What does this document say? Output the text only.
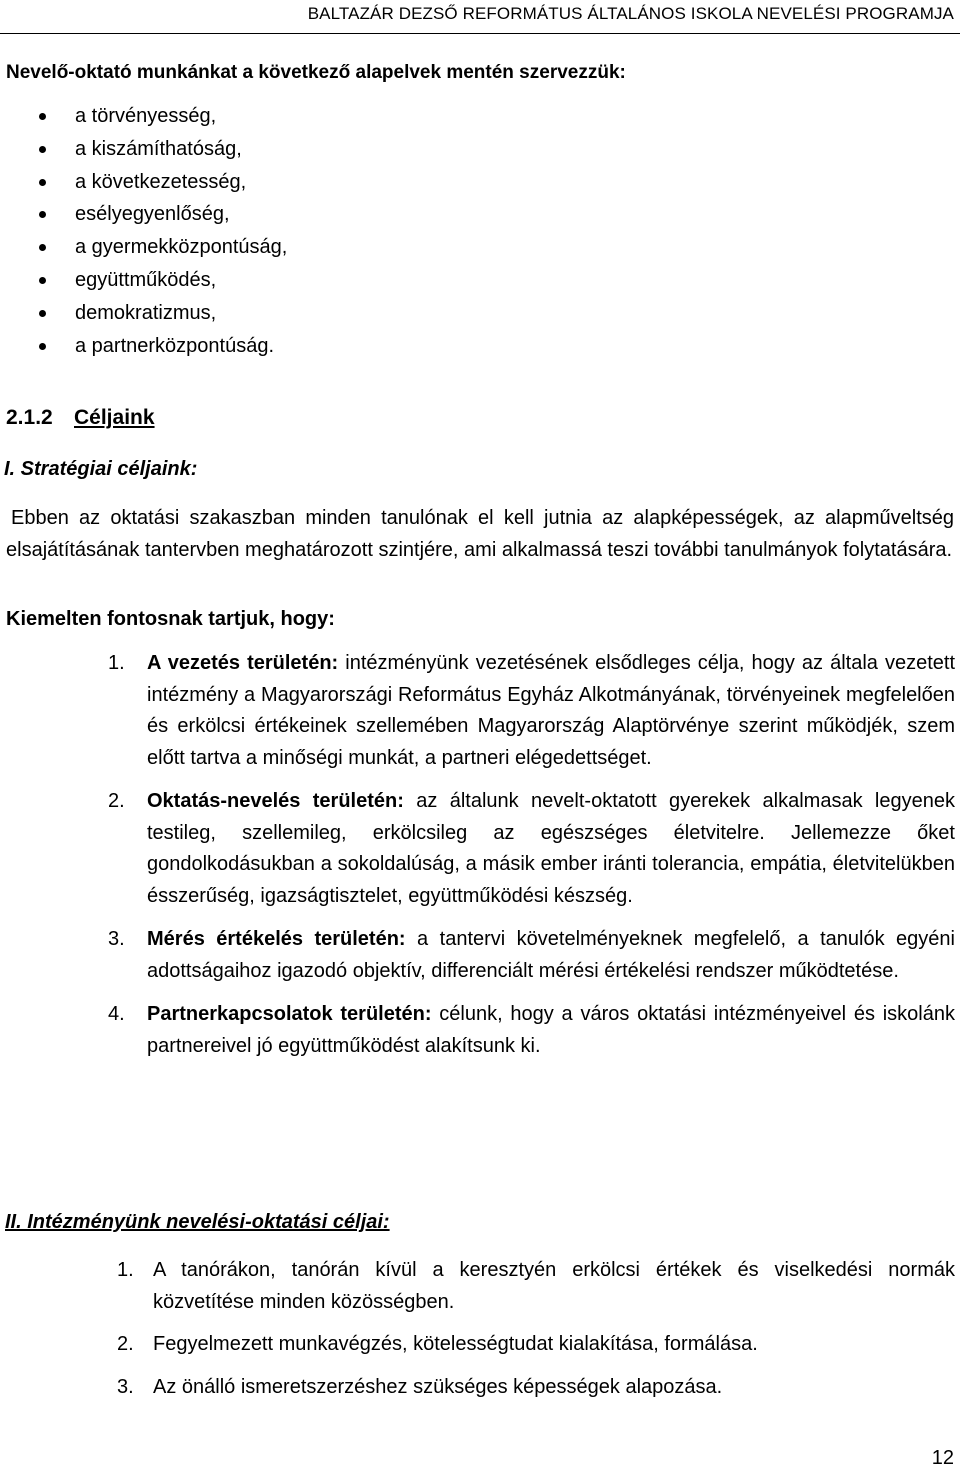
BALTAZÁR DEZSŐ REFORMÁTUS ÁLTALÁNOS ISKOLA NEVELÉSI PROGRAMJA
Nevelő-oktató munkánkat a következő alapelvek mentén szervezzük:
a törvényesség,
a kiszámíthatóság,
a következetesség,
esélyegyenlőség,
a gyermekközpontúság,
együttműködés,
demokratizmus,
a partnerközpontúság.
2.1.2 Céljaink
I. Stratégiai céljaink:
Ebben az oktatási szakaszban minden tanulónak el kell jutnia az alapképességek, az alapműveltség elsajátításának tantervben meghatározott szintjére, ami alkalmassá teszi további tanulmányok folytatására.
Kiemelten fontosnak tartjuk, hogy:
1. A vezetés területén: intézményünk vezetésének elsődleges célja, hogy az általa vezetett intézmény a Magyarországi Református Egyház Alkotmányának, törvényeinek megfelelően és erkölcsi értékeinek szellemében Magyarország Alaptörvénye szerint működjék, szem előtt tartva a minőségi munkát, a partneri elégedettséget.
2. Oktatás-nevelés területén: az általunk nevelt-oktatott gyerekek alkalmasak legyenek testileg, szellemileg, erkölcsileg az egészséges életvitelre. Jellemezze őket gondolkodásukban a sokoldalúság, a másik ember iránti tolerancia, empátia, életvitelükben ésszerűség, igazságtisztelet, együttműködési készség.
3. Mérés értékelés területén: a tantervi követelményeknek megfelelő, a tanulók egyéni adottságaihoz igazodó objektív, differenciált mérési értékelési rendszer működtetése.
4. Partnerkapcsolatok területén: célunk, hogy a város oktatási intézményeivel és iskolánk partnereivel jó együttműködést alakítsunk ki.
II. Intézményünk nevelési-oktatási céljai:
1. A tanórákon, tanórán kívül a keresztyén erkölcsi értékek és viselkedési normák közvetítése minden közösségben.
2. Fegyelmezett munkavégzés, kötelességtudat kialakítása, formálása.
3. Az önálló ismeretszerzéshez szükséges képességek alapozása.
12
